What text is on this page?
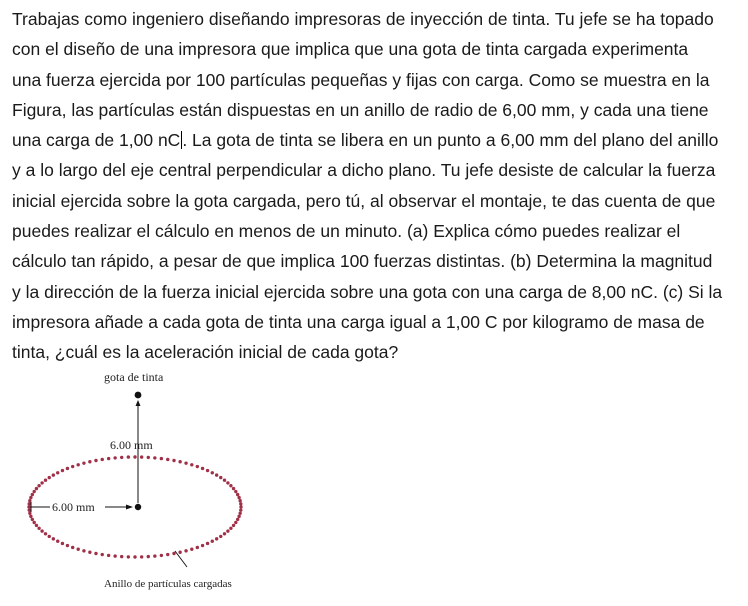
Trabajas como ingeniero diseñando impresoras de inyección de tinta. Tu jefe se ha topado
con el diseño de una impresora que implica que una gota de tinta cargada experimenta
una fuerza ejercida por 100 partículas pequeñas y fijas con carga. Como se muestra en la
Figura, las partículas están dispuestas en un anillo de radio de 6,00 mm, y cada una tiene
una carga de 1,00 nC . La gota de tinta se libera en un punto a 6,00 mm del plano del anillo
y a lo largo del eje central perpendicular a dicho plano. Tu jefe desiste de calcular la fuerza
inicial ejercida sobre la gota cargada, pero tú, al observar el montaje, te das cuenta de que
puedes realizar el cálculo en menos de un minuto. (a) Explica cómo puedes realizar el
cálculo tan rápido, a pesar de que implica 100 fuerzas distintas. (b) Determina la magnitud
y la dirección de la fuerza inicial ejercida sobre una gota con una carga de 8,00 nC. (c) Si la
impresora añade a cada gota de tinta una carga igual a 1,00 C por kilogramo de masa de
tinta, ¿cuál es la aceleración inicial de cada gota?
gota de tinta
6.00 mm
6.00 mm
Anillo de partículas cargadas
